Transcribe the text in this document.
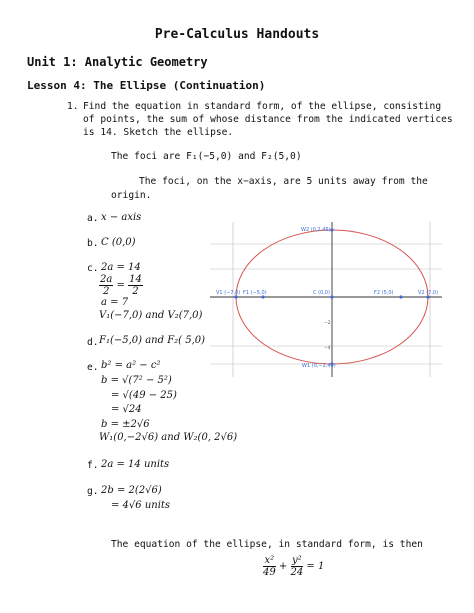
Pre-Calculus Handouts
Unit 1: Analytic Geometry
Lesson 4: The Ellipse (Continuation)
1. Find the equation in standard form, of the ellipse, consisting
of points, the sum of whose distance from the indicated vertices
is 14. Sketch the ellipse.
The foci are F₁(−5,0) and F₂(5,0)
The foci, on the x−axis, are 5 units away from the
origin.
a. x − axis
b. C (0,0)
c. 2a = 14
$\frac{2a}{2} = \frac{14}{2}$
a = 7
V₁(−7,0) and V₂(7,0)
d. F₁(−5,0) and F₂( 5,0)
e. b² = a² − c²
b = √(7² − 5²)
= √(49 − 25)
= √24
b = ±2√6
W₁(0,−2√6) and W₂(0, 2√6)
f. 2a = 14 units
g. 2b = 2(2√6)
= 4√6 units
The equation of the ellipse, in standard form, is then
$\frac{\text{x²}}{49} + \frac{\text{y²}}{24} = 1$
W2 (0,2.45)
W1 (0,−2.45)
V1 (−7,0) F1 (−5,0)	C (0,0)	F2 (5,0)	V2 (7,0)
−2
−4
